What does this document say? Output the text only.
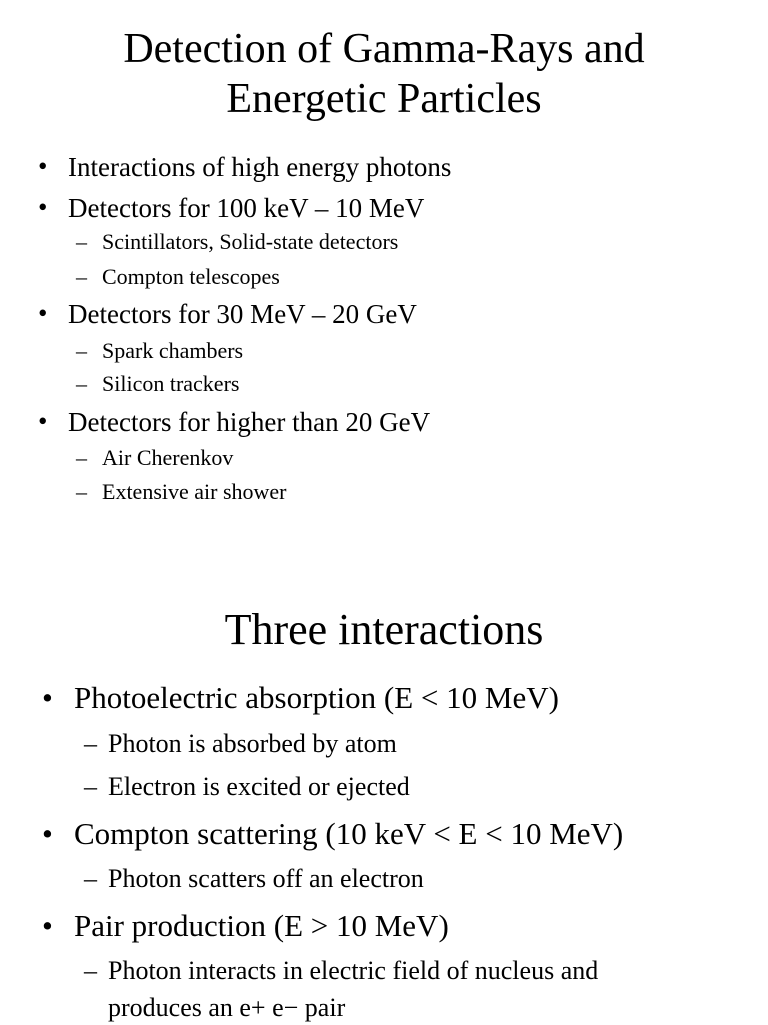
Detection of Gamma-Rays and
Energetic Particles
• Interactions of high energy photons
• Detectors for 100 keV – 10 MeV
– Scintillators, Solid-state detectors
– Compton telescopes
• Detectors for 30 MeV – 20 GeV
– Spark chambers
– Silicon trackers
• Detectors for higher than 20 GeV
– Air Cherenkov
– Extensive air shower
Three interactions
• Photoelectric absorption (E < 10 MeV)
– Photon is absorbed by atom
– Electron is excited or ejected
• Compton scattering (10 keV < E < 10 MeV)
– Photon scatters off an electron
• Pair production (E > 10 MeV)
– Photon interacts in electric field of nucleus and
produces an e+ e− pair
